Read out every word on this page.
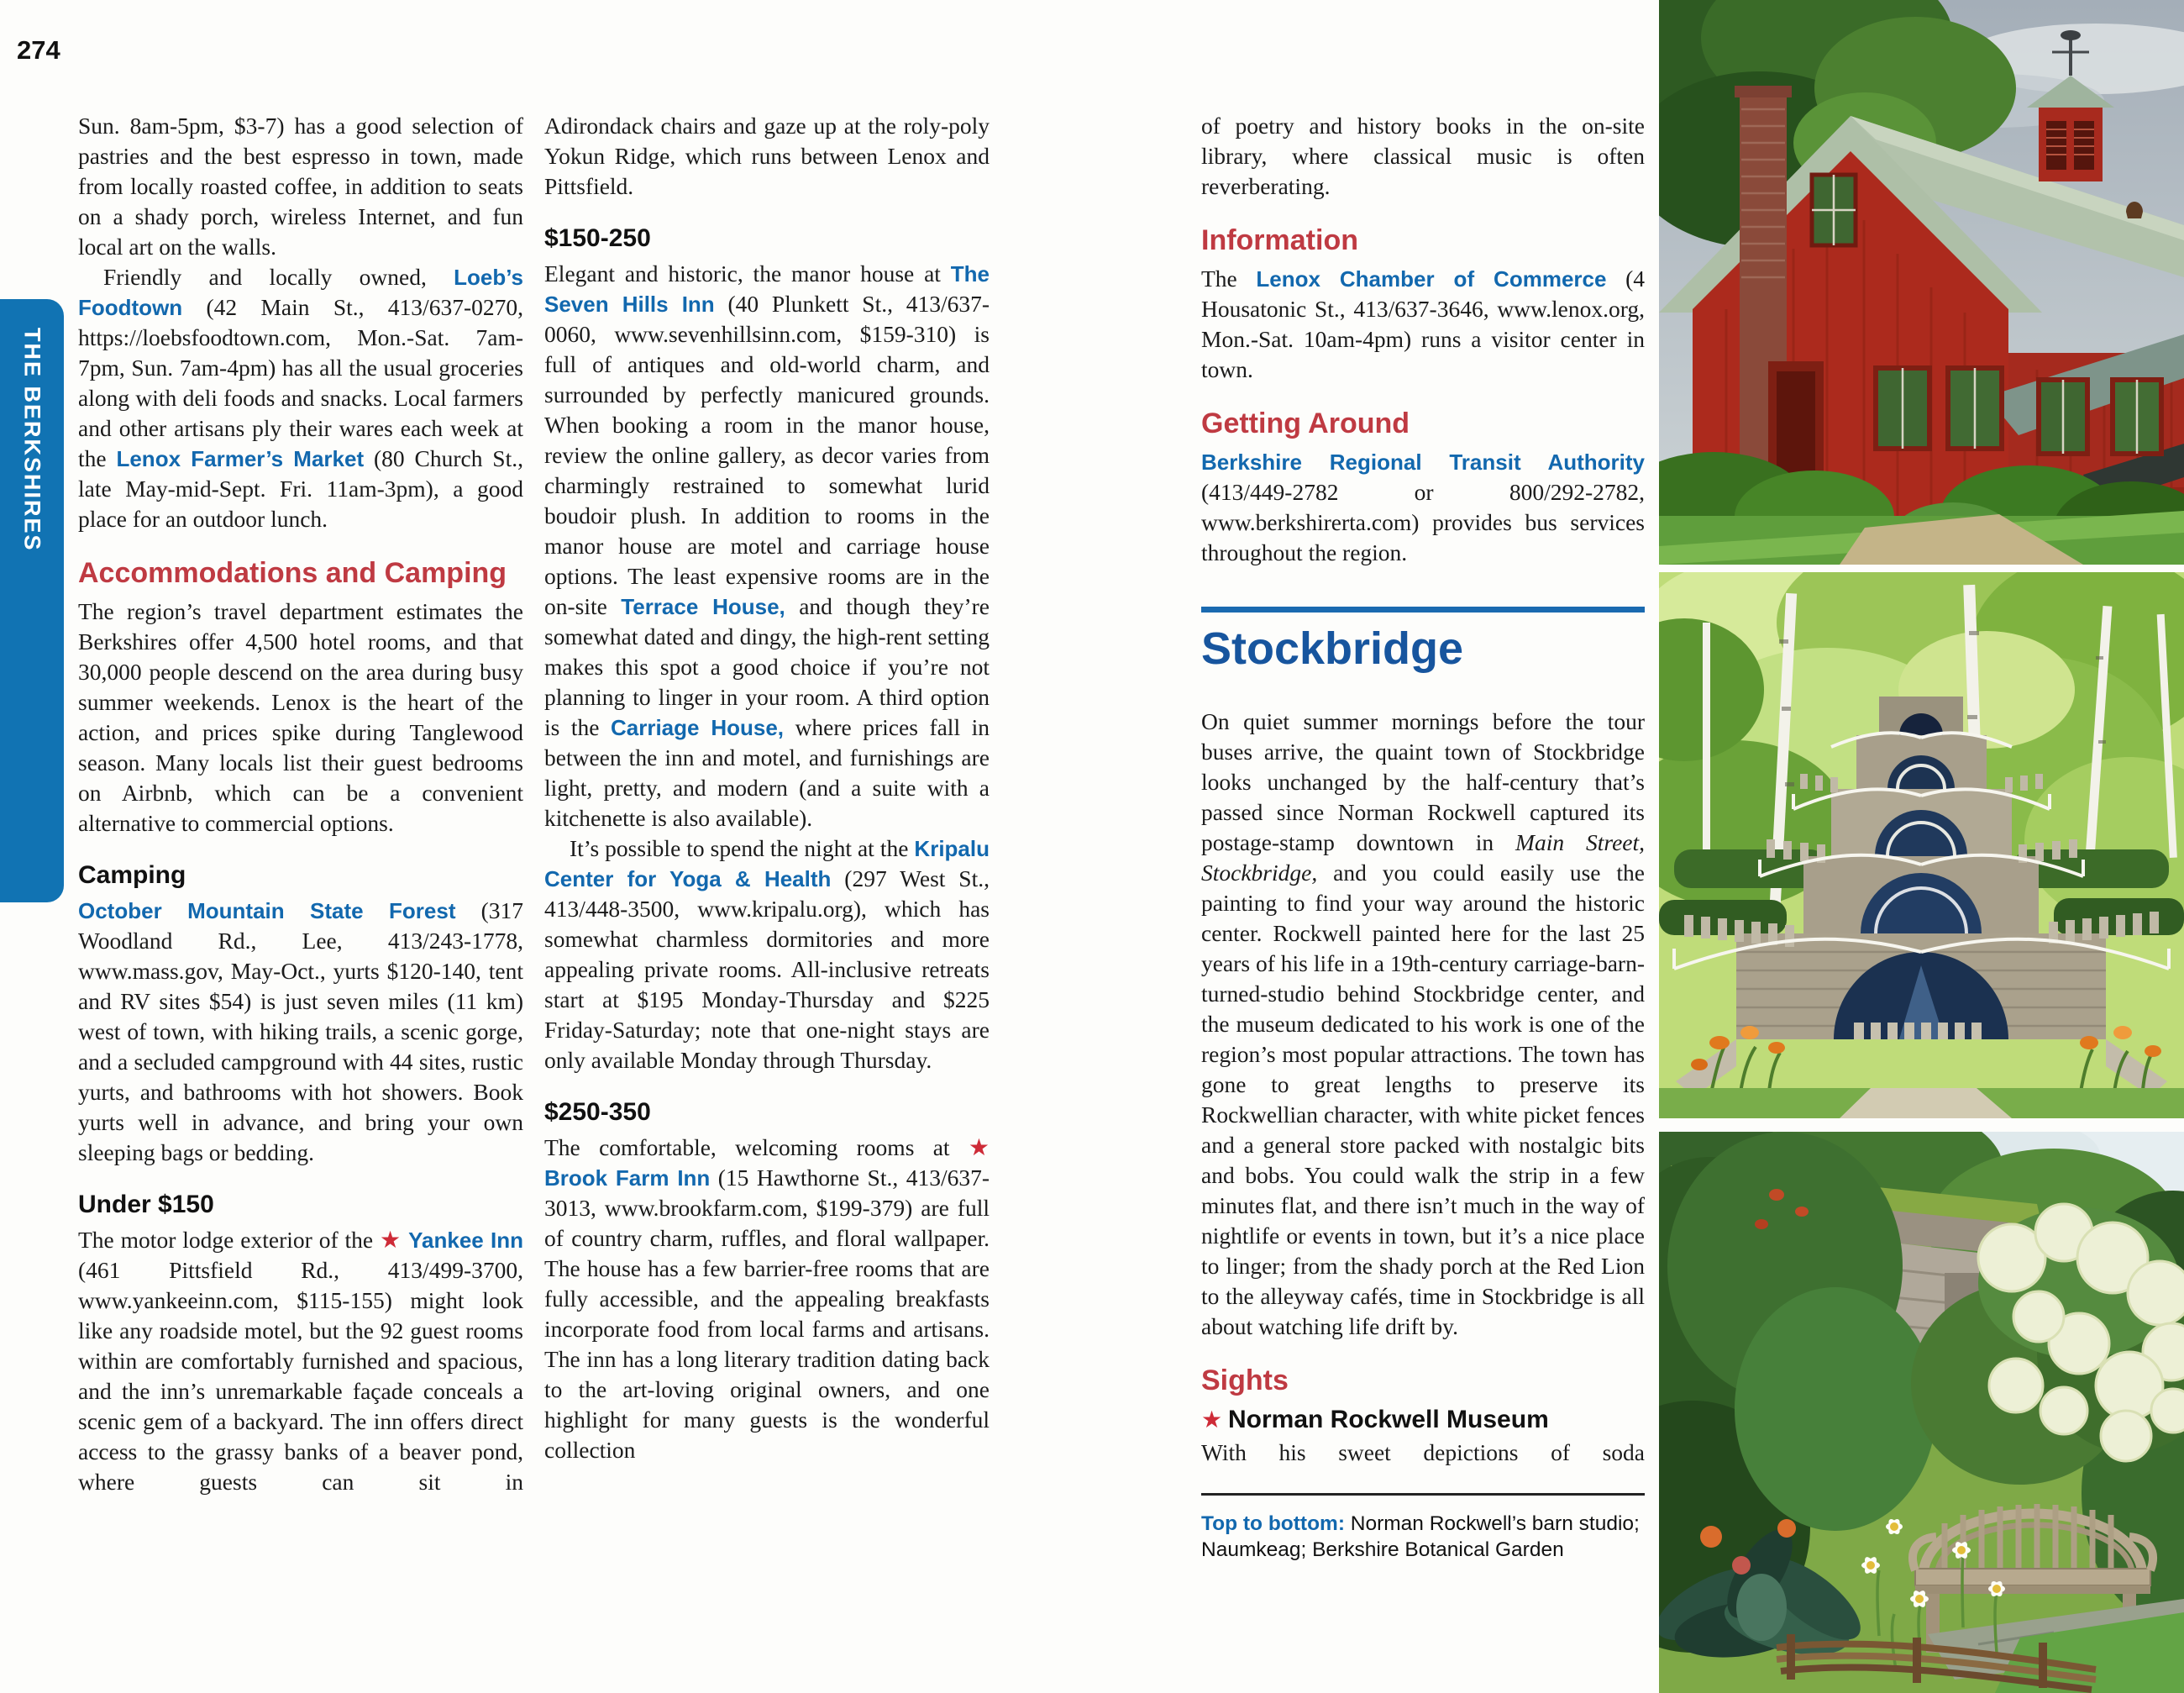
274
THE BERKSHIRES

Sun. 8am-5pm, $3-7) has a good selection of pastries and the best espresso in town, made from locally roasted coffee, in addition to seats on a shady porch, wireless Internet, and fun local art on the walls.

Friendly and locally owned, Loeb’s Foodtown (42 Main St., 413/637-0270, https://loebsfoodtown.com, Mon.-Sat. 7am-7pm, Sun. 7am-4pm) has all the usual groceries along with deli foods and snacks. Local farmers and other artisans ply their wares each week at the Lenox Farmer’s Market (80 Church St., late May-mid-Sept. Fri. 11am-3pm), a good place for an outdoor lunch.

Accommodations and Camping

The region’s travel department estimates the Berkshires offer 4,500 hotel rooms, and that 30,000 people descend on the area during busy summer weekends. Lenox is the heart of the action, and prices spike during Tanglewood season. Many locals list their guest bedrooms on Airbnb, which can be a convenient alternative to commercial options.

Camping

October Mountain State Forest (317 Woodland Rd., Lee, 413/243-1778, www.mass.gov, May-Oct., yurts $120-140, tent and RV sites $54) is just seven miles (11 km) west of town, with hiking trails, a scenic gorge, and a secluded campground with 44 sites, rustic yurts, and bathrooms with hot showers. Book yurts well in advance, and bring your own sleeping bags or bedding.

Under $150

The motor lodge exterior of the ★ Yankee Inn (461 Pittsfield Rd., 413/499-3700, www.yankeeinn.com, $115-155) might look like any roadside motel, but the 92 guest rooms within are comfortably furnished and spacious, and the inn’s unremarkable façade conceals a scenic gem of a backyard. The inn offers direct access to the grassy banks of a beaver pond, where guests can sit in

Adirondack chairs and gaze up at the roly-poly Yokun Ridge, which runs between Lenox and Pittsfield.

$150-250

Elegant and historic, the manor house at The Seven Hills Inn (40 Plunkett St., 413/637-0060, www.sevenhillsinn.com, $159-310) is full of antiques and old-world charm, and surrounded by perfectly manicured grounds. When booking a room in the manor house, review the online gallery, as decor varies from charmingly restrained to somewhat lurid boudoir plush. In addition to rooms in the manor house are motel and carriage house options. The least expensive rooms are in the on-site Terrace House, and though they’re somewhat dated and dingy, the high-rent setting makes this spot a good choice if you’re not planning to linger in your room. A third option is the Carriage House, where prices fall in between the inn and motel, and furnishings are light, pretty, and modern (and a suite with a kitchenette is also available).

It’s possible to spend the night at the Kripalu Center for Yoga & Health (297 West St., 413/448-3500, www.kripalu.org), which has somewhat charmless dormitories and more appealing private rooms. All-inclusive retreats start at $195 Monday-Thursday and $225 Friday-Saturday; note that one-night stays are only available Monday through Thursday.

$250-350

The comfortable, welcoming rooms at ★ Brook Farm Inn (15 Hawthorne St., 413/637-3013, www.brookfarm.com, $199-379) are full of country charm, ruffles, and floral wallpaper. The house has a few barrier-free rooms that are fully accessible, and the appealing breakfasts incorporate food from local farms and artisans. The inn has a long literary tradition dating back to the art-loving original owners, and one highlight for many guests is the wonderful collection

of poetry and history books in the on-site library, where classical music is often reverberating.

Information

The Lenox Chamber of Commerce (4 Housatonic St., 413/637-3646, www.lenox.org, Mon.-Sat. 10am-4pm) runs a visitor center in town.

Getting Around

Berkshire Regional Transit Authority (413/449-2782 or 800/292-2782, www.berkshirerta.com) provides bus services throughout the region.

Stockbridge

On quiet summer mornings before the tour buses arrive, the quaint town of Stockbridge looks unchanged by the half-century that’s passed since Norman Rockwell captured its postage-stamp downtown in Main Street, Stockbridge, and you could easily use the painting to find your way around the historic center. Rockwell painted here for the last 25 years of his life in a 19th-century carriage-barn-turned-studio behind Stockbridge center, and the museum dedicated to his work is one of the region’s most popular attractions. The town has gone to great lengths to preserve its Rockwellian character, with white picket fences and a general store packed with nostalgic bits and bobs. You could walk the strip in a few minutes flat, and there isn’t much in the way of nightlife or events in town, but it’s a nice place to linger; from the shady porch at the Red Lion to the alleyway cafés, time in Stockbridge is all about watching life drift by.

Sights

★ Norman Rockwell Museum

With his sweet depictions of soda

Top to bottom: Norman Rockwell’s barn studio; Naumkeag; Berkshire Botanical Garden
